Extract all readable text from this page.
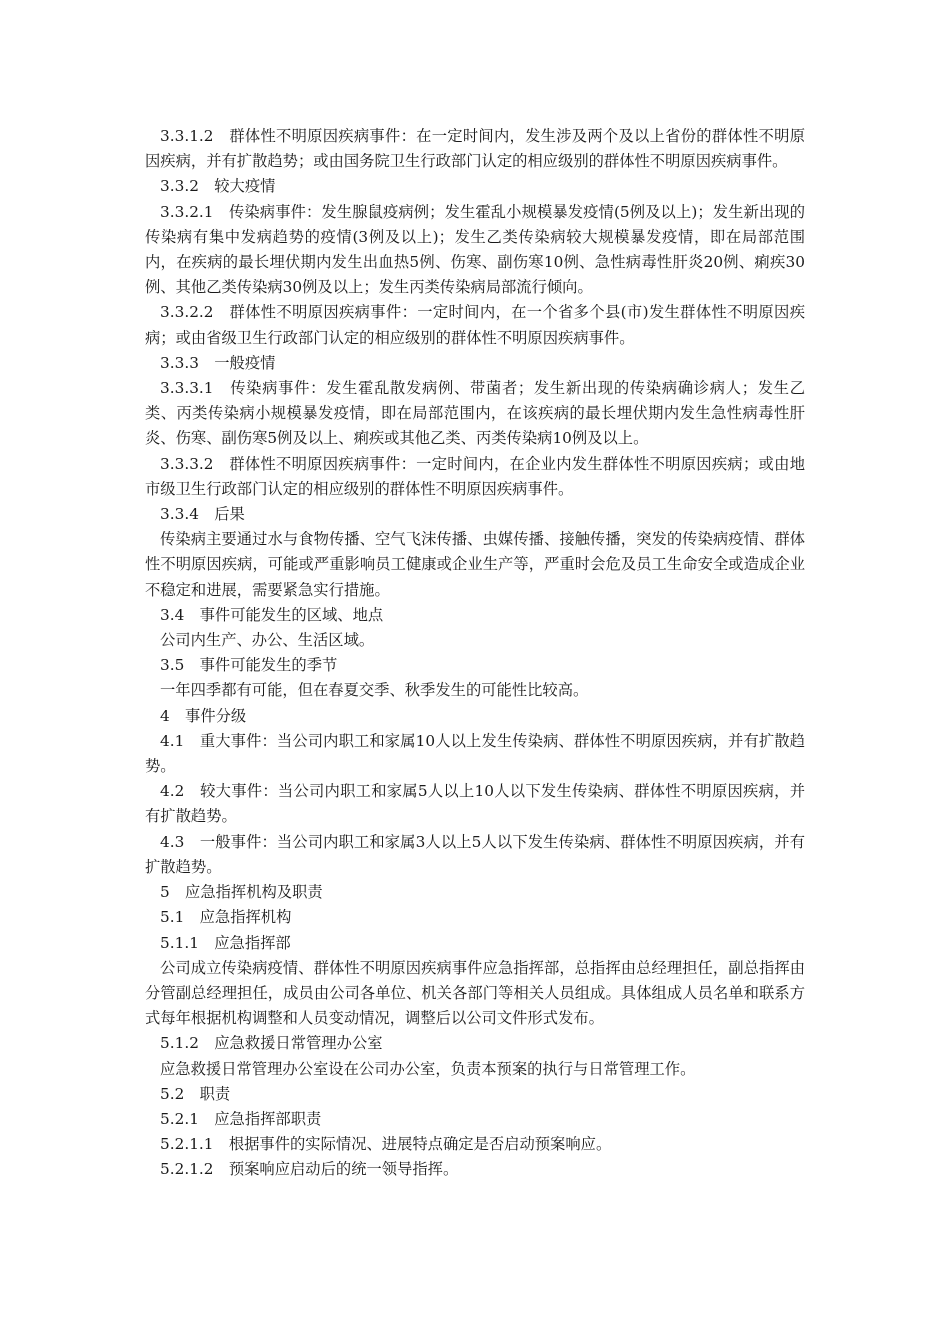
3.3.1.2　群体性不明原因疾病事件：在一定时间内，发生涉及两个及以上省份的群体性不明原因疾病，并有扩散趋势；或由国务院卫生行政部门认定的相应级别的群体性不明原因疾病事件。

3.3.2　较大疫情

3.3.2.1　传染病事件：发生腺鼠疫病例；发生霍乱小规模暴发疫情(5例及以上)；发生新出现的传染病有集中发病趋势的疫情(3例及以上)；发生乙类传染病较大规模暴发疫情，即在局部范围内，在疾病的最长埋伏期内发生出血热5例、伤寒、副伤寒10例、急性病毒性肝炎20例、痢疾30例、其他乙类传染病30例及以上；发生丙类传染病局部流行倾向。

3.3.2.2　群体性不明原因疾病事件：一定时间内，在一个省多个县(市)发生群体性不明原因疾病；或由省级卫生行政部门认定的相应级别的群体性不明原因疾病事件。

3.3.3　一般疫情

3.3.3.1　传染病事件：发生霍乱散发病例、带菌者；发生新出现的传染病确诊病人；发生乙类、丙类传染病小规模暴发疫情，即在局部范围内，在该疾病的最长埋伏期内发生急性病毒性肝炎、伤寒、副伤寒5例及以上、痢疾或其他乙类、丙类传染病10例及以上。

3.3.3.2　群体性不明原因疾病事件：一定时间内，在企业内发生群体性不明原因疾病；或由地市级卫生行政部门认定的相应级别的群体性不明原因疾病事件。

3.3.4　后果

传染病主要通过水与食物传播、空气飞沫传播、虫媒传播、接触传播，突发的传染病疫情、群体性不明原因疾病，可能或严重影响员工健康或企业生产等，严重时会危及员工生命安全或造成企业不稳定和进展，需要紧急实行措施。

3.4　事件可能发生的区域、地点

公司内生产、办公、生活区域。

3.5　事件可能发生的季节

一年四季都有可能，但在春夏交季、秋季发生的可能性比较高。

4　事件分级

4.1　重大事件：当公司内职工和家属10人以上发生传染病、群体性不明原因疾病，并有扩散趋势。

4.2　较大事件：当公司内职工和家属5人以上10人以下发生传染病、群体性不明原因疾病，并有扩散趋势。

4.3　一般事件：当公司内职工和家属3人以上5人以下发生传染病、群体性不明原因疾病，并有扩散趋势。

5　应急指挥机构及职责

5.1　应急指挥机构

5.1.1　应急指挥部

公司成立传染病疫情、群体性不明原因疾病事件应急指挥部，总指挥由总经理担任，副总指挥由分管副总经理担任，成员由公司各单位、机关各部门等相关人员组成。具体组成人员名单和联系方式每年根据机构调整和人员变动情况，调整后以公司文件形式发布。

5.1.2　应急救援日常管理办公室

应急救援日常管理办公室设在公司办公室，负责本预案的执行与日常管理工作。

5.2　职责

5.2.1　应急指挥部职责

5.2.1.1　根据事件的实际情况、进展特点确定是否启动预案响应。

5.2.1.2　预案响应启动后的统一领导指挥。
